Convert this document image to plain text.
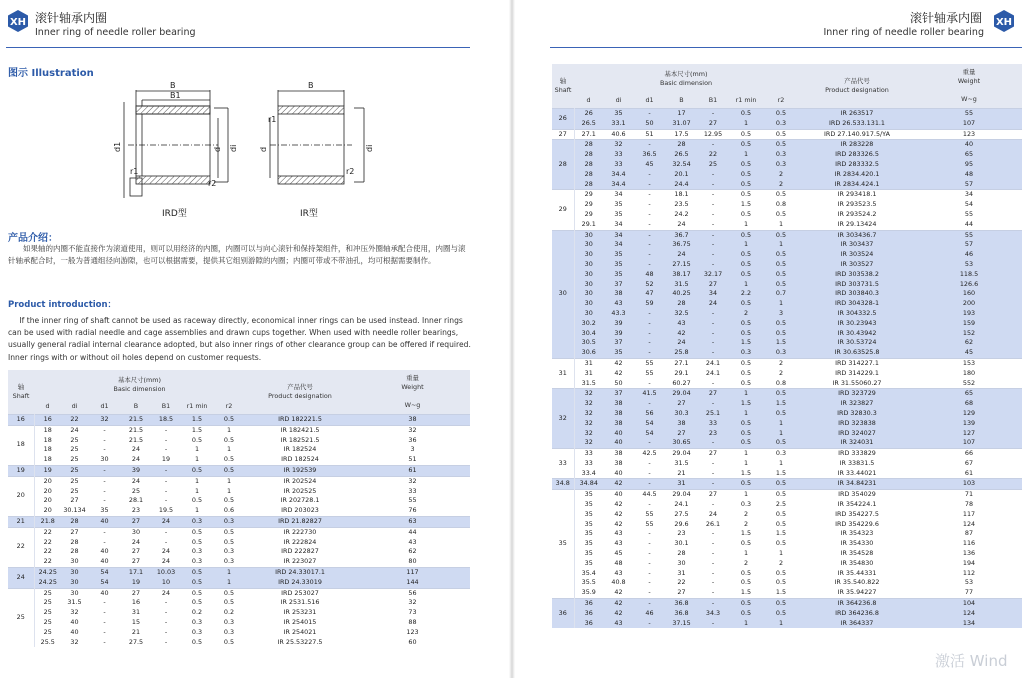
XH 滚针轴承内圈
Inner ring of needle roller bearing
图示 Illustration
B
B1
d1	d di
r1
r2
IRD型
B
d	di
r1
r2
IR型
产品介绍：
如果轴的内圈不能直接作为滚道使用，则可以用经济的内圈，内圈可以与向心滚针和保持架组件，和冲压外圈轴承配合使用，内圈与滚针轴承配合时，一般为普通组径向游隙，也可以根据需要，提供其它组别游隙的内圈；内圈可带或不带油孔，均可根据需要制作。
Product introduction：
If the inner ring of shaft cannot be used as raceway directly, economical inner rings can be used instead. Inner rings can be used with radial needle and cage assemblies and drawn cups together. When used with needle roller bearings, usually general radial internal clearance adopted, but also inner rings of other clearance group can be offered if required. Inner rings with or without oil holes depend on customer requests.
轴
Shaft	基本尺寸(mm)
Basic dimension							产品代号
Product designation	重量
Weight

W~g
	d	di	d1	B	B1	r1 min	r2		
16	16	22	32	21.5	18.5	1.5	0.5	IRD 182221.5	38
18	18	24	-	21.5	-	1.5	1	IR 182421.5	32
	18	25	-	21.5	-	0.5	0.5	IR 182521.5	36
	18	25	-	24	-	1	1	IR 182524	3
	18	25	30	24	19	1	0.5	IRD 182524	51
19	19	25	-	39	-	0.5	0.5	IR 192539	61
20	20	25	-	24	-	1	1	IR 202524	32
	20	25	-	25	-	1	1	IR 202525	33
	20	27	-	28.1	-	0.5	0.5	IR 202728.1	55
	20	30.134	35	23	19.5	1	0.6	IRD 203023	76
21	21.8	28	40	27	24	0.3	0.3	IRD 21.82827	63
22	22	27	-	30	-	0.5	0.5	IR 222730	44
	22	28	-	24	-	0.5	0.5	IR 222824	43
	22	28	40	27	24	0.3	0.3	IRD 222827	62
	22	30	40	27	24	0.3	0.3	IR 223027	80
24	24.25	30	54	17.1	10.03	0.5	1	IRD 24.33017.1	117
	24.25	30	54	19	10	0.5	1	IRD 24.33019	144
25	25	30	40	27	24	0.5	0.5	IRD 253027	56
	25	31.5	-	16	-	0.5	0.5	IR 2531.516	32
	25	32	-	31	-	0.2	0.2	IR 253231	73
	25	40	-	15	-	0.3	0.3	IR 254015	88
	25	40	-	21	-	0.3	0.3	IR 254021	123
	25.5	32	-	27.5	-	0.5	0.5	IR 25.53227.5	60
滚针轴承内圈
Inner ring of needle roller bearing
XH
轴
Shaft	基本尺寸(mm)
Basic dimension							产品代号
Product designation	重量
Weight

W~g
	d	di	d1	B	B1	r1 min	r2		
26	26	35	-	17	-	0.5	0.5	IR 263517	55
	26.5	33.1	50	31.07	27	1	0.3	IRD 26.533.131.1	107
27	27.1	40.6	51	17.5	12.95	0.5	0.5	IRD 27.140.917.5/YA	123
28	28	32	-	28	-	0.5	0.5	IR 283228	40
	28	33	36.5	26.5	22	1	0.3	IRD 283326.5	65
	28	33	45	32.54	25	0.5	0.3	IRD 283332.5	95
	28	34.4	-	20.1	-	0.5	2	IR 2834.420.1	48
	28	34.4	-	24.4	-	0.5	2	IR 2834.424.1	57
29	29	34	-	18.1	-	0.5	0.5	IR 293418.1	34
	29	35	-	23.5	-	1.5	0.8	IR 293523.5	54
	29	35	-	24.2	-	0.5	0.5	IR 293524.2	55
	29.1	34	-	24	-	1	1	IR 29.13424	44
30	30	34	-	36.7	-	0.5	0.5	IR 303436.7	55
	30	34	-	36.75	-	1	1	IR 303437	57
	30	35	-	24	-	0.5	0.5	IR 303524	46
	30	35	-	27.15	-	0.5	0.5	IR 303527	53
	30	35	48	38.17	32.17	0.5	0.5	IRD 303538.2	118.5
	30	37	52	31.5	27	1	0.5	IRD 303731.5	126.6
	30	38	47	40.25	34	2.2	0.7	IRD 303840.3	160
	30	43	59	28	24	0.5	1	IRD 304328-1	200
	30	43.3	-	32.5	-	2	3	IR 304332.5	193
	30.2	39	-	43	-	0.5	0.5	IR 30.23943	159
	30.4	39	-	42	-	0.5	0.5	IR 30.43942	152
	30.5	37	-	24	-	1.5	1.5	IR 30.53724	62
	30.6	35	-	25.8	-	0.3	0.3	IR 30.63525.8	45
31	31	42	55	27.1	24.1	0.5	2	IRD 314227.1	153
	31	42	55	29.1	24.1	0.5	2	IRD 314229.1	180
	31.5	50	-	60.27	-	0.5	0.8	IR 31.55060.27	552
32	32	37	41.5	29.04	27	1	0.5	IRD 323729	65
	32	38	-	27	-	1.5	1.5	IR 323827	68
	32	38	56	30.3	25.1	1	0.5	IRD 32830.3	129
	32	38	54	38	33	0.5	1	IRD 323838	139
	32	40	54	27	23	0.5	1	IRD 324027	127
	32	40	-	30.65	-	0.5	0.5	IR 324031	107
33	33	38	42.5	29.04	27	1	0.3	IRD 333829	66
	33	38	-	31.5	-	1	1	IR 33831.5	67
	33.4	40	-	21	-	1.5	1.5	IR 33.44021	61
34.8	34.84	42	-	31	-	0.5	0.5	IR 34.84231	103
35	35	40	44.5	29.04	27	1	0.5	IRD 354029	71
	35	42	-	24.1	-	0.3	2.5	IR 354224.1	78
	35	42	55	27.5	24	2	0.5	IRD 354227.5	117
	35	42	55	29.6	26.1	2	0.5	IRD 354229.6	124
	35	43	-	23	-	1.5	1.5	IR 354323	87
	35	43	-	30.1	-	0.5	0.5	IR 354330	116
	35	45	-	28	-	1	1	IR 354528	136
	35	48	-	30	-	2	2	IR 354830	194
	35.4	43	-	31	-	0.5	0.5	IR 35.44331	112
	35.5	40.8	-	22	-	0.5	0.5	IR 35.540.822	53
	35.9	42	-	27	-	1.5	1.5	IR 35.94227	77
36	36	42	-	36.8	-	0.5	0.5	IR 364236.8	104
	36	42	46	36.8	34.3	0.5	0.5	IRD 364236.8	124
	36	43	-	37.15	-	1	1	IR 364337	134
激活 Wind
